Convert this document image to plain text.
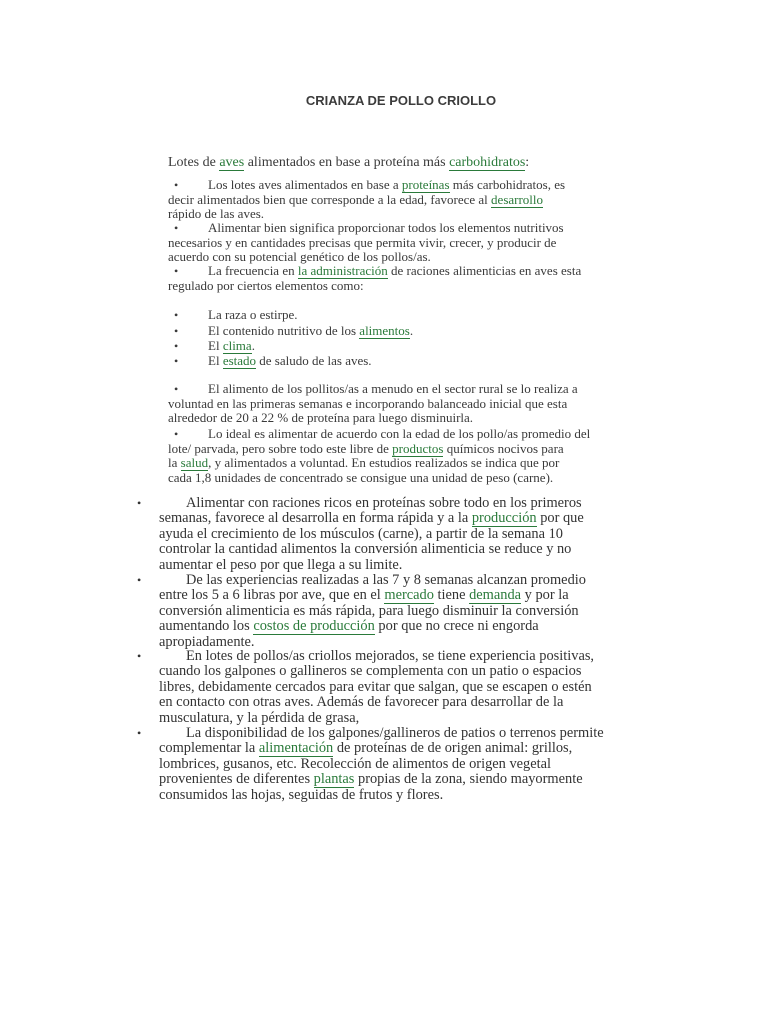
CRIANZA DE POLLO CRIOLLO
Lotes de aves alimentados en base a proteína más carbohidratos:
•	Los lotes aves alimentados en base a proteínas más carbohidratos, es
decir alimentados bien que corresponde a la edad, favorece al desarrollo
rápido de las aves.
•	Alimentar bien significa proporcionar todos los elementos nutritivos
necesarios y en cantidades precisas que permita vivir, crecer, y producir de
acuerdo con su potencial genético de los pollos/as.
•	La frecuencia en la administración de raciones alimenticias en aves esta
regulado por ciertos elementos como:
•	La raza o estirpe.
•	El contenido nutritivo de los alimentos.
•	El clima.
•	El estado de saludo de las aves.
•	El alimento de los pollitos/as a menudo en el sector rural se lo realiza a
voluntad en las primeras semanas e incorporando balanceado inicial que esta
alrededor de 20 a 22 % de proteína para luego disminuirla.
•	Lo ideal es alimentar de acuerdo con la edad de los pollo/as promedio del
lote/ parvada, pero sobre todo este libre de productos químicos nocivos para
la salud, y alimentados a voluntad. En estudios realizados se indica que por
cada 1,8 unidades de concentrado se consigue una unidad de peso (carne).
•	Alimentar con raciones ricos en proteínas sobre todo en los primeros
semanas, favorece al desarrolla en forma rápida y a la producción por que
ayuda el crecimiento de los músculos (carne), a partir de la semana 10
controlar la cantidad alimentos la conversión alimenticia se reduce y no
aumentar el peso por que llega a su limite.
•	De las experiencias realizadas a las 7 y 8 semanas alcanzan promedio
entre los 5 a 6 libras por ave, que en el mercado tiene demanda y por la
conversión alimenticia es más rápida, para luego disminuir la conversión
aumentando los costos de producción por que no crece ni engorda
apropiadamente.
•	En lotes de pollos/as criollos mejorados, se tiene experiencia positivas,
cuando los galpones o gallineros se complementa con un patio o espacios
libres, debidamente cercados para evitar que salgan, que se escapen o estén
en contacto con otras aves. Además de favorecer para desarrollar de la
musculatura, y la pérdida de grasa,
•	La disponibilidad de los galpones/gallineros de patios o terrenos permite
complementar la alimentación de proteínas de de origen animal: grillos,
lombrices, gusanos, etc. Recolección de alimentos de origen vegetal
provenientes de diferentes plantas propias de la zona, siendo mayormente
consumidos las hojas, seguidas de frutos y flores.
